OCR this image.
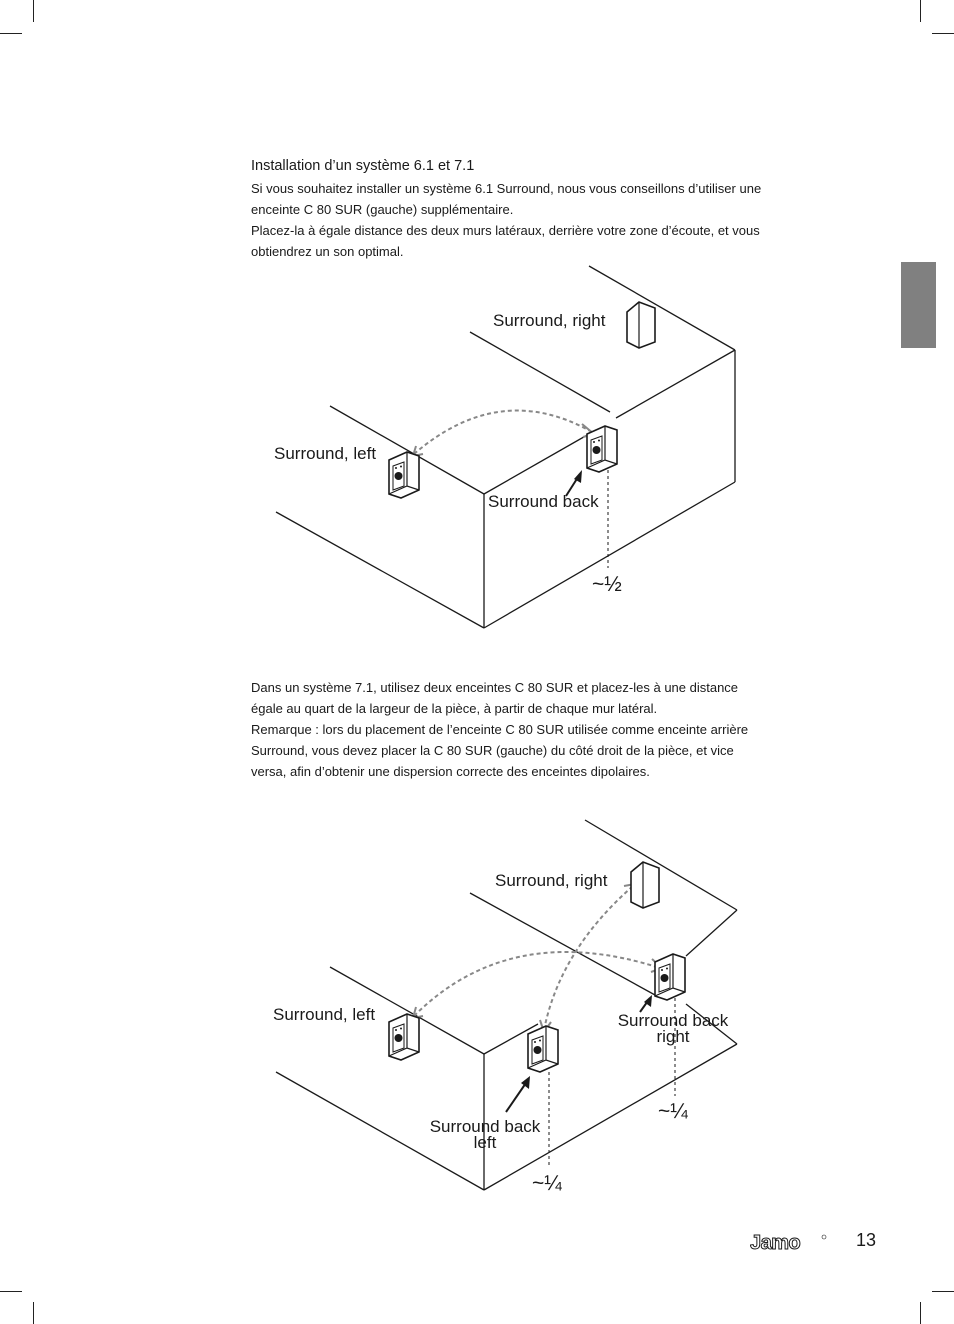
Installation d’un système 6.1 et 7.1

Si vous souhaitez installer un système 6.1 Surround, nous vous conseillons d’utiliser une enceinte C 80 SUR (gauche) supplémentaire.

Placez-la à égale distance des deux murs latéraux, derrière votre zone d’écoute, et vous obtiendrez un son optimal.

Dans un système 7.1, utilisez deux enceintes C 80 SUR et placez-les à une distance égale au quart de la largeur de la pièce, à partir de chaque mur latéral.

Remarque : lors du placement de l’enceinte C 80 SUR utilisée comme enceinte arrière Surround, vous devez placer la C 80 SUR (gauche) du côté droit de la pièce, et vice versa, afin d’obtenir une dispersion correcte des enceintes dipolaires.

Surround, right
Surround, left
Surround back
~½
Surround, right
Surround, left	Surround back
right
Surround back
left
~¼
~¼
Jamo	13
